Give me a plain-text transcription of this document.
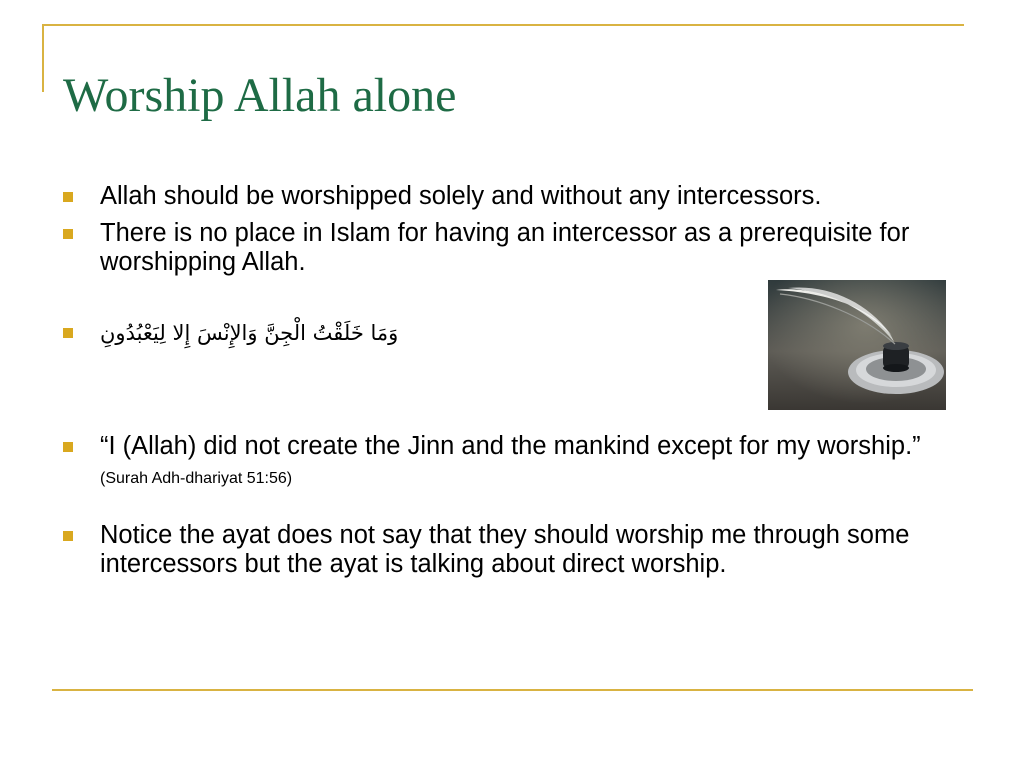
Worship Allah alone
Allah should be worshipped solely and without any intercessors.
There is no place in Islam for having an intercessor as a prerequisite for worshipping Allah.
وَمَا خَلَقْتُ الْجِنَّ وَالإِنْسَ إِلا لِيَعْبُدُونِ
“I (Allah) did not create the Jinn and the mankind except for my worship.” (Surah Adh-dhariyat 51:56)
Notice the ayat does not say that they should worship me through some intercessors but the ayat is talking about direct worship.
